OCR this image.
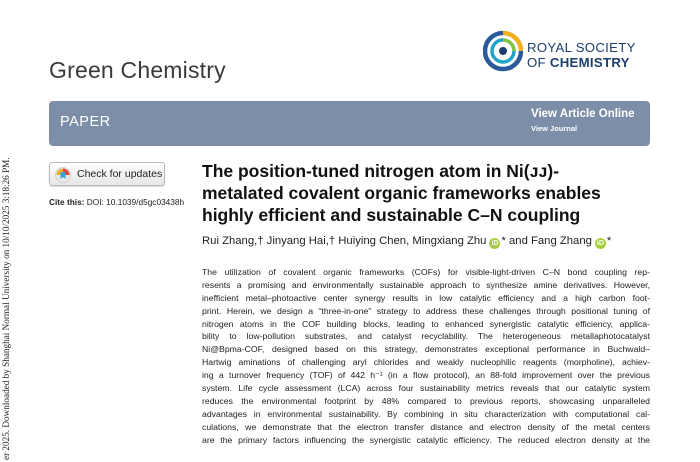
er 2025. Downloaded by Shanghai Normal University on 10/10/2025 3:18:26 PM.
Green Chemistry
ROYAL SOCIETY
OF CHEMISTRY
PAPER	View Article Online
View Journal
Check for updates
Cite this: DOI: 10.1039/d5gc03438h
The position-tuned nitrogen atom in Ni(ᴊᴊ)-
metalated covalent organic frameworks enables
highly efficient and sustainable C–N coupling
Rui Zhang,† Jinyang Hai,† Huiying Chen, Mingxiang Zhu iD * and Fang Zhang iD *
The utilization of covalent organic frameworks (COFs) for visible-light-driven C–N bond coupling rep-
resents a promising and environmentally sustainable approach to synthesize amine derivatives. However,
inefficient metal–photoactive center synergy results in low catalytic efficiency and a high carbon foot-
print. Herein, we design a “three-in-one” strategy to address these challenges through positional tuning of
nitrogen atoms in the COF building blocks, leading to enhanced synergistic catalytic efficiency, applica-
bility to low-pollution substrates, and catalyst recyclability. The heterogeneous metallaphotocatalyst
Ni@Bpma-COF, designed based on this strategy, demonstrates exceptional performance in Buchwald–
Hartwig aminations of challenging aryl chlorides and weakly nucleophilic reagents (morpholine), achiev-
ing a turnover frequency (TOF) of 442 h⁻¹ (in a flow protocol), an 88-fold improvement over the previous
system. Life cycle assessment (LCA) across four sustainability metrics reveals that our catalytic system
reduces the environmental footprint by 48% compared to previous reports, showcasing unparalleled
advantages in environmental sustainability. By combining in situ characterization with computational cal-
culations, we demonstrate that the electron transfer distance and electron density of the metal centers
are the primary factors influencing the synergistic catalytic efficiency. The reduced electron density at the
